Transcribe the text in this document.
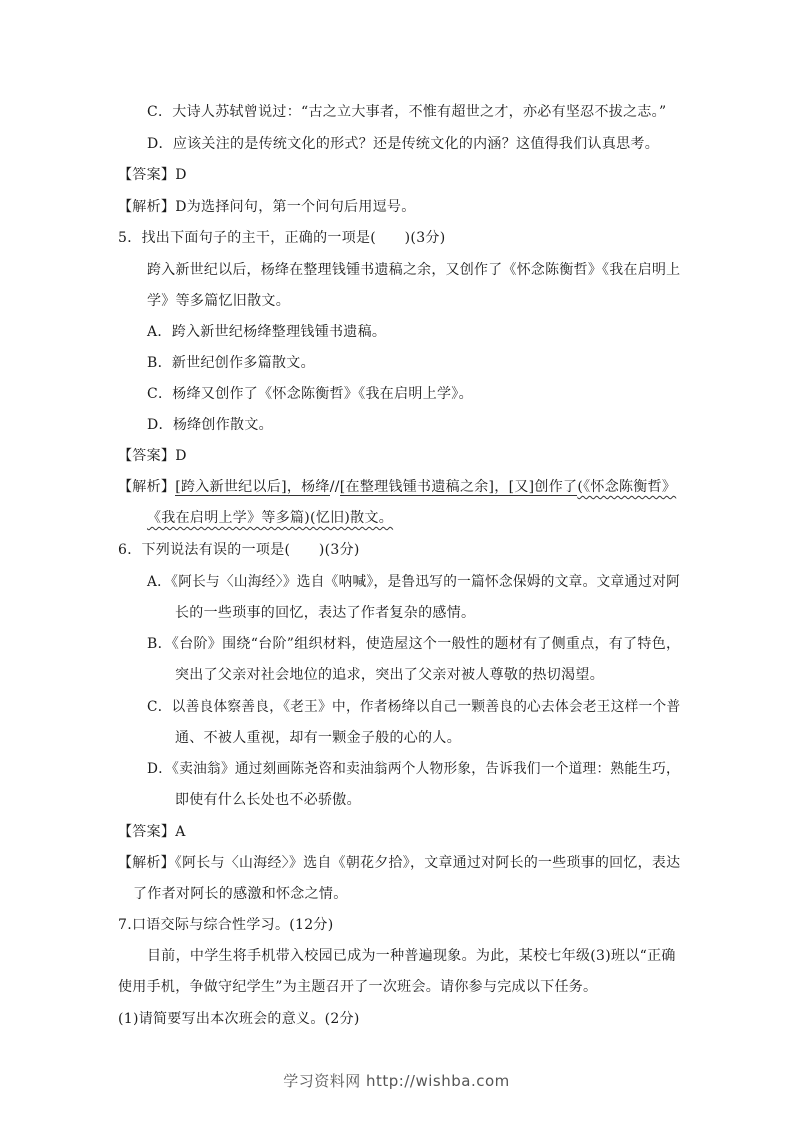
C．大诗人苏轼曾说过：“古之立大事者，不惟有超世之才，亦必有坚忍不拔之志。”
D．应该关注的是传统文化的形式？还是传统文化的内涵？这值得我们认真思考。
【答案】D
【解析】D为选择问句，第一个问句后用逗号。
5．找出下面句子的主干，正确的一项是(　　)(3分)
跨入新世纪以后，杨绛在整理钱锺书遗稿之余，又创作了《怀念陈衡哲》《我在启明上
学》等多篇忆旧散文。
A．跨入新世纪杨绛整理钱锺书遗稿。
B．新世纪创作多篇散文。
C．杨绛又创作了《怀念陈衡哲》《我在启明上学》。
D．杨绛创作散文。
【答案】D
【解析】[跨入新世纪以后]，杨绛//[在整理钱锺书遗稿之余]，[又]创作了(《怀念陈衡哲》
《我在启明上学》等多篇)(忆旧)散文。
6．下列说法有误的一项是(　　)(3分)
A．《阿长与〈山海经〉》选自《呐喊》，是鲁迅写的一篇怀念保姆的文章。文章通过对阿
长的一些琐事的回忆，表达了作者复杂的感情。
B．《台阶》围绕“台阶”组织材料，使造屋这个一般性的题材有了侧重点，有了特色，
突出了父亲对社会地位的追求，突出了父亲对被人尊敬的热切渴望。
C．以善良体察善良，《老王》中，作者杨绛以自己一颗善良的心去体会老王这样一个普
通、不被人重视，却有一颗金子般的心的人。
D．《卖油翁》通过刻画陈尧咨和卖油翁两个人物形象，告诉我们一个道理：熟能生巧，
即使有什么长处也不必骄傲。
【答案】A
【解析】《阿长与〈山海经〉》选自《朝花夕拾》，文章通过对阿长的一些琐事的回忆，表达
了作者对阿长的感激和怀念之情。
7.口语交际与综合性学习。(12分)
目前，中学生将手机带入校园已成为一种普遍现象。为此，某校七年级(3)班以“正确
使用手机，争做守纪学生”为主题召开了一次班会。请你参与完成以下任务。
(1)请简要写出本次班会的意义。(2分)
学习资料网 http://wishba.com
